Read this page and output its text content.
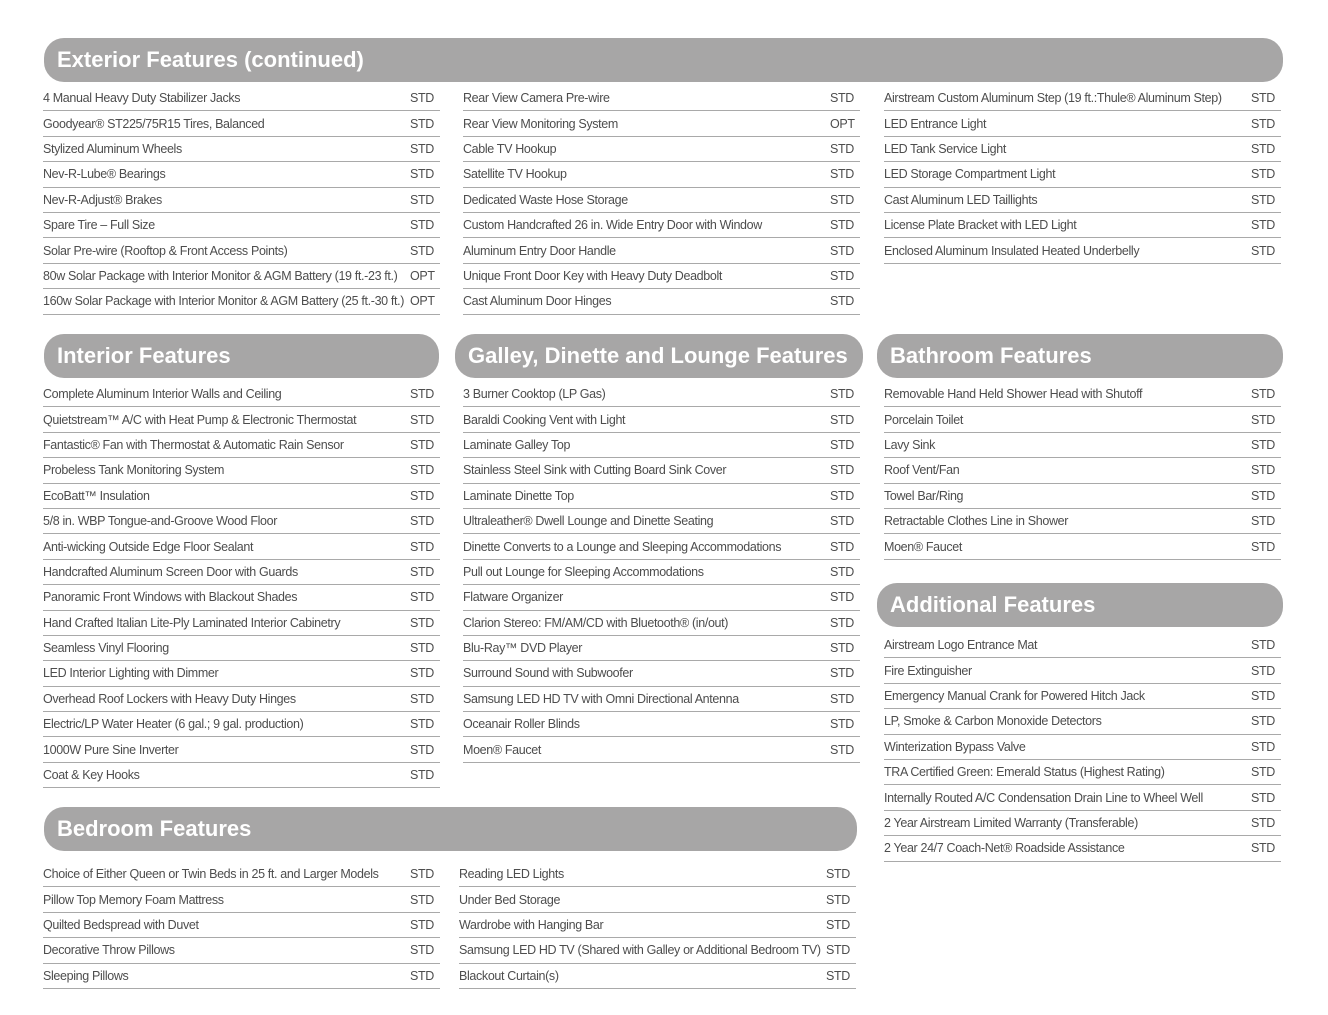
Exterior Features (continued)
Interior Features	Galley, Dinette and Lounge Features	Bathroom Features
Additional Features
Bedroom Features
4 Manual Heavy Duty Stabilizer Jacks	STD
Goodyear® ST225/75R15 Tires, Balanced	STD
Stylized Aluminum Wheels	STD
Nev-R-Lube® Bearings	STD
Nev-R-Adjust® Brakes	STD
Spare Tire – Full Size	STD
Solar Pre-wire (Rooftop & Front Access Points)	STD
80w Solar Package with Interior Monitor & AGM Battery (19 ft.-23 ft.)	OPT
160w Solar Package with Interior Monitor & AGM Battery (25 ft.-30 ft.) OPT
Rear View Camera Pre-wire	STD
Rear View Monitoring System	OPT
Cable TV Hookup	STD
Satellite TV Hookup	STD
Dedicated Waste Hose Storage	STD
Custom Handcrafted 26 in. Wide Entry Door with Window	STD
Aluminum Entry Door Handle	STD
Unique Front Door Key with Heavy Duty Deadbolt	STD
Cast Aluminum Door Hinges	STD
Airstream Custom Aluminum Step (19 ft.:Thule® Aluminum Step)	STD
LED Entrance Light	STD
LED Tank Service Light	STD
LED Storage Compartment Light	STD
Cast Aluminum LED Taillights	STD
License Plate Bracket with LED Light	STD
Enclosed Aluminum Insulated Heated Underbelly	STD
Complete Aluminum Interior Walls and Ceiling	STD
Quietstream™ A/C with Heat Pump & Electronic Thermostat	STD
Fantastic® Fan with Thermostat & Automatic Rain Sensor	STD
Probeless Tank Monitoring System	STD
EcoBatt™ Insulation	STD
5/8 in. WBP Tongue-and-Groove Wood Floor	STD
Anti-wicking Outside Edge Floor Sealant	STD
Handcrafted Aluminum Screen Door with Guards	STD
Panoramic Front Windows with Blackout Shades	STD
Hand Crafted Italian Lite-Ply Laminated Interior Cabinetry	STD
Seamless Vinyl Flooring	STD
LED Interior Lighting with Dimmer	STD
Overhead Roof Lockers with Heavy Duty Hinges	STD
Electric/LP Water Heater (6 gal.; 9 gal. production)	STD
1000W Pure Sine Inverter	STD
Coat & Key Hooks	STD
3 Burner Cooktop (LP Gas)	STD
Baraldi Cooking Vent with Light	STD
Laminate Galley Top	STD
Stainless Steel Sink with Cutting Board Sink Cover	STD
Laminate Dinette Top	STD
Ultraleather® Dwell Lounge and Dinette Seating	STD
Dinette Converts to a Lounge and Sleeping Accommodations	STD
Pull out Lounge for Sleeping Accommodations	STD
Flatware Organizer	STD
Clarion Stereo: FM/AM/CD with Bluetooth® (in/out)	STD
Blu-Ray™ DVD Player	STD
Surround Sound with Subwoofer	STD
Samsung LED HD TV with Omni Directional Antenna	STD
Oceanair Roller Blinds	STD
Moen® Faucet	STD
Removable Hand Held Shower Head with Shutoff	STD
Porcelain Toilet	STD
Lavy Sink	STD
Roof Vent/Fan	STD
Towel Bar/Ring	STD
Retractable Clothes Line in Shower	STD
Moen® Faucet	STD
Airstream Logo Entrance Mat	STD
Fire Extinguisher	STD
Emergency Manual Crank for Powered Hitch Jack	STD
LP, Smoke & Carbon Monoxide Detectors	STD
Winterization Bypass Valve	STD
TRA Certified Green: Emerald Status (Highest Rating)	STD
Internally Routed A/C Condensation Drain Line to Wheel Well	STD
2 Year Airstream Limited Warranty (Transferable)	STD
2 Year 24/7 Coach-Net® Roadside Assistance	STD
Choice of Either Queen or Twin Beds in 25 ft. and Larger Models	STD
Pillow Top Memory Foam Mattress	STD
Quilted Bedspread with Duvet	STD
Decorative Throw Pillows	STD
Sleeping Pillows	STD
Reading LED Lights	STD
Under Bed Storage	STD
Wardrobe with Hanging Bar	STD
Samsung LED HD TV (Shared with Galley or Additional Bedroom TV) STD
Blackout Curtain(s)	STD
